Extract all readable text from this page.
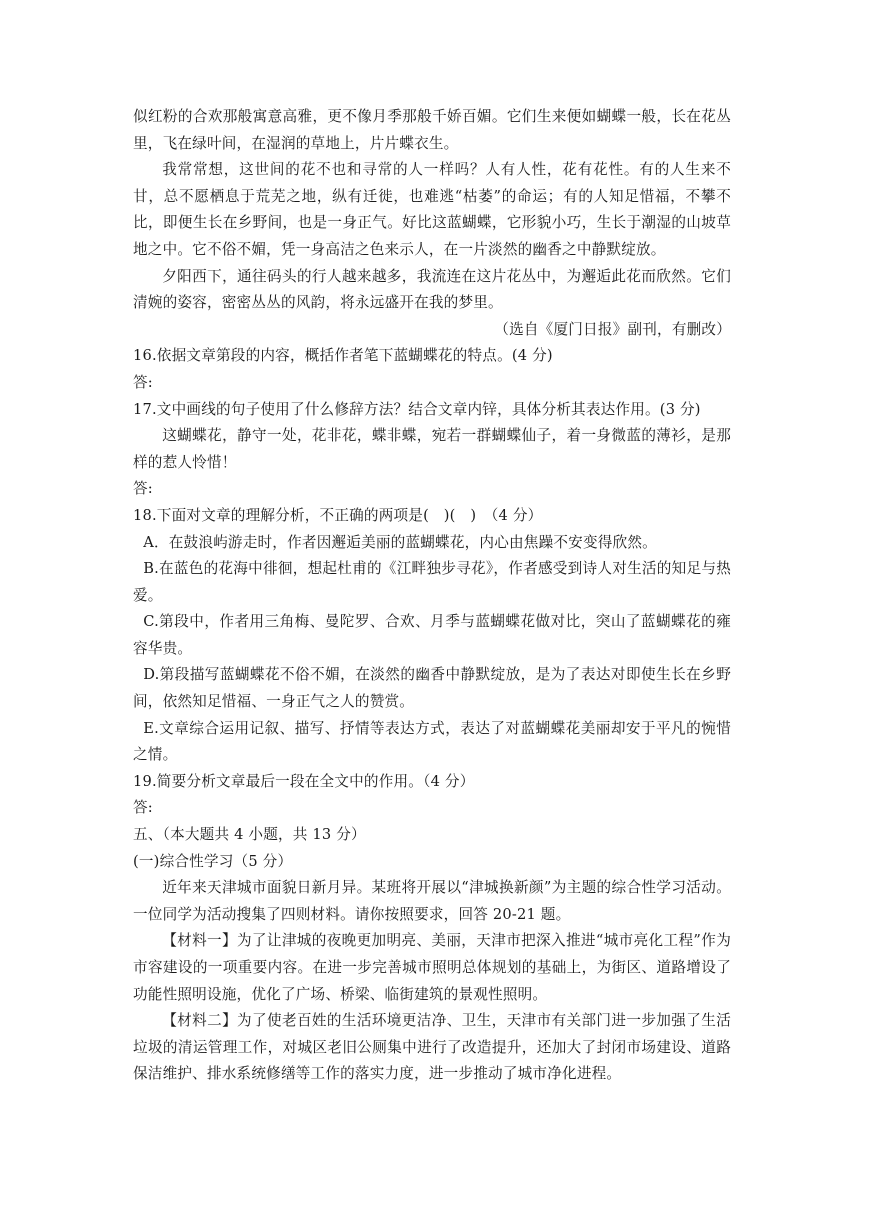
似红粉的合欢那般寓意高雅，更不像月季那般千娇百媚。它们生来便如蝴蝶一般，长在花丛里，飞在绿叶间，在湿润的草地上，片片蝶衣生。

我常常想，这世间的花不也和寻常的人一样吗？人有人性，花有花性。有的人生来不甘，总不愿栖息于荒芜之地，纵有迁徙，也难逃“枯萎”的命运；有的人知足惜福，不攀不比，即便生长在乡野间，也是一身正气。好比这蓝蝴蝶，它形貌小巧，生长于潮湿的山坡草地之中。它不俗不媚，凭一身高洁之色来示人，在一片淡然的幽香之中静默绽放。

夕阳西下，通往码头的行人越来越多，我流连在这片花丛中，为邂逅此花而欣然。它们清婉的姿容，密密丛丛的风韵，将永远盛开在我的梦里。

（选自《厦门日报》副刊，有删改）

16.依据文章第段的内容，概括作者笔下蓝蝴蝶花的特点。(4 分)

答:

17.文中画线的句子使用了什么修辞方法？结合文章内锌，具体分析其表达作用。(3 分)

这蝴蝶花，静守一处，花非花，蝶非蝶，宛若一群蝴蝶仙子，着一身微蓝的薄衫，是那样的惹人怜惜！

答:

18.下面对文章的理解分析，不正确的两项是(　)(　)　（4 分）

A．在鼓浪屿游走时，作者因邂逅美丽的蓝蝴蝶花，内心由焦躁不安变得欣然。

B.在蓝色的花海中徘徊，想起杜甫的《江畔独步寻花》，作者感受到诗人对生活的知足与热爱。

C.第段中，作者用三角梅、曼陀罗、合欢、月季与蓝蝴蝶花做对比，突山了蓝蝴蝶花的雍容华贵。

D.第段描写蓝蝴蝶花不俗不媚，在淡然的幽香中静默绽放，是为了表达对即使生长在乡野间，依然知足惜福、一身正气之人的赞赏。

E.文章综合运用记叙、描写、抒情等表达方式，表达了对蓝蝴蝶花美丽却安于平凡的惋惜之情。

19.简要分析文章最后一段在全文中的作用。（4 分）

答:

五、（本大题共 4 小题，共 13 分）

(一)综合性学习（5 分）

近年来天津城市面貌日新月异。某班将开展以“津城换新颜”为主题的综合性学习活动。一位同学为活动搜集了四则材料。请你按照要求，回答 20-21 题。

【材料一】为了让津城的夜晚更加明亮、美丽，天津市把深入推进“城市亮化工程”作为市容建设的一项重要内容。在进一步完善城市照明总体规划的基础上，为街区、道路增设了功能性照明设施，优化了广场、桥梁、临街建筑的景观性照明。

【材料二】为了使老百姓的生活环境更洁净、卫生，天津市有关部门进一步加强了生活垃圾的清运管理工作，对城区老旧公厕集中进行了改造提升，还加大了封闭市场建设、道路保洁维护、排水系统修缮等工作的落实力度，进一步推动了城市净化进程。
